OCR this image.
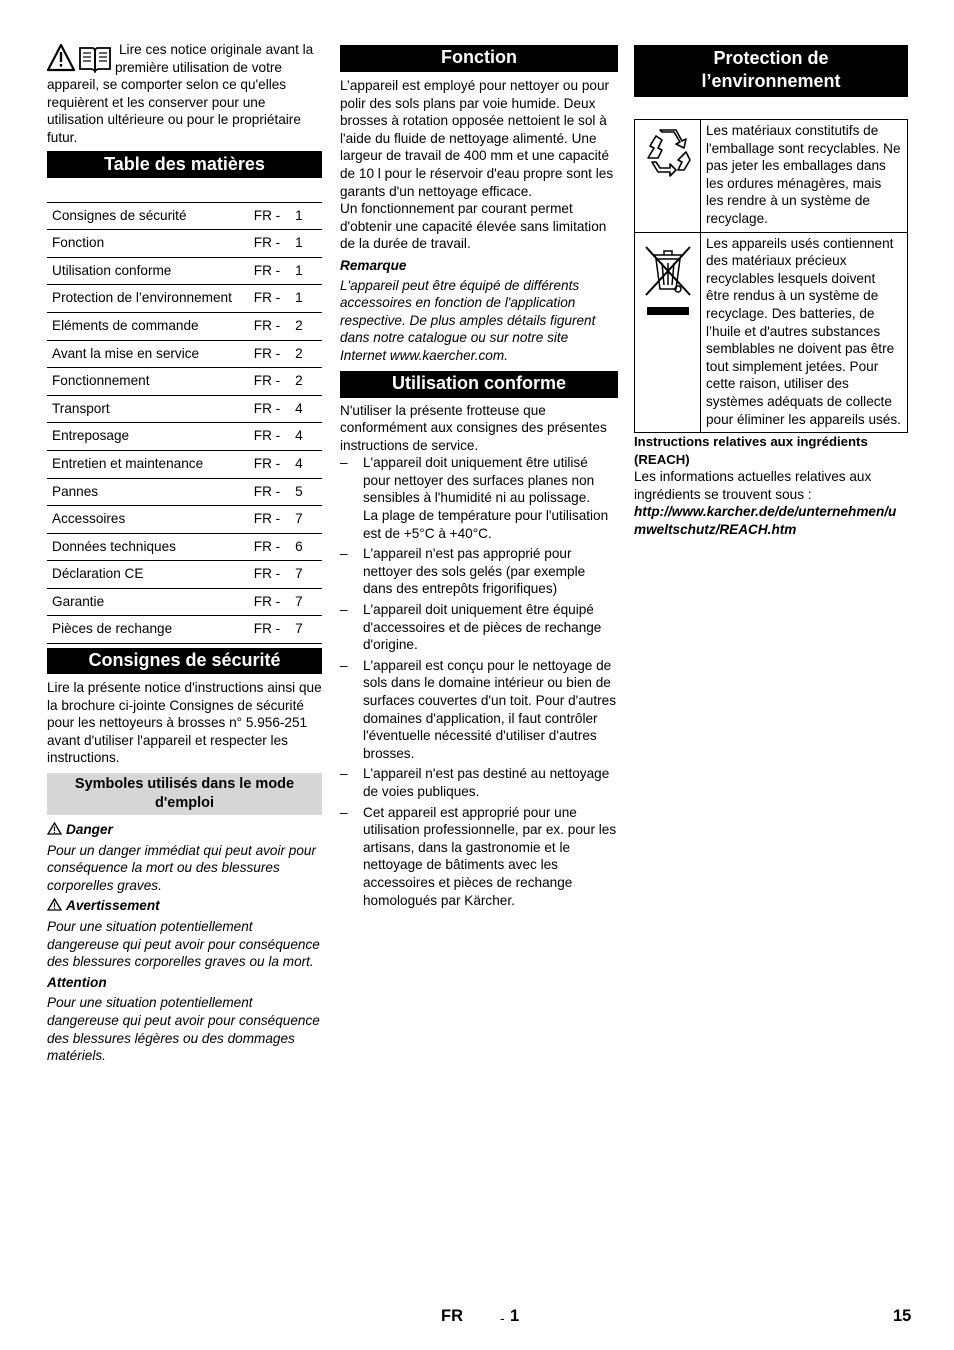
Lire ces notice originale avant la première utilisation de votre appareil, se comporter selon ce qu'elles requièrent et les conserver pour une utilisation ultérieure ou pour le propriétaire futur.

Table des matières
Consignes de sécurité	FR -	1
Fonction	FR -	1
Utilisation conforme	FR -	1
Protection de l’environnement	FR -	1
Eléments de commande	FR -	2
Avant la mise en service	FR -	2
Fonctionnement	FR -	2
Transport	FR -	4
Entreposage	FR -	4
Entretien et maintenance	FR -	4
Pannes	FR -	5
Accessoires	FR -	7
Données techniques	FR -	6
Déclaration CE	FR -	7
Garantie	FR -	7
Pièces de rechange	FR -	7
Consignes de sécurité

Lire la présente notice d'instructions ainsi que la brochure ci-jointe Consignes de sécurité pour les nettoyeurs à brosses n° 5.956-251 avant d'utiliser l'appareil et respecter les instructions.

Symboles utilisés dans le mode d'emploi

Danger

Pour un danger immédiat qui peut avoir pour conséquence la mort ou des blessures corporelles graves.

Avertissement

Pour une situation potentiellement dangereuse qui peut avoir pour conséquence des blessures corporelles graves ou la mort.

Attention

Pour une situation potentiellement dangereuse qui peut avoir pour conséquence des blessures légères ou des dommages matériels.

Fonction

L’appareil est employé pour nettoyer ou pour polir des sols plans par voie humide. Deux brosses à rotation opposée nettoient le sol à l'aide du fluide de nettoyage alimenté. Une largeur de travail de 400 mm et une capacité de 10 l pour le réservoir d'eau propre sont les garants d'un nettoyage efficace.

Un fonctionnement par courant permet d'obtenir une capacité élevée sans limitation de la durée de travail.

Remarque

L'appareil peut être équipé de différents accessoires en fonction de l'application respective. De plus amples détails figurent dans notre catalogue ou sur notre site Internet www.kaercher.com.

Utilisation conforme

N'utiliser la présente frotteuse que conformément aux consignes des présentes instructions de service.

– L'appareil doit uniquement être utilisé pour nettoyer des surfaces planes non sensibles à l'humidité ni au polissage.
La plage de température pour l'utilisation est de +5°C à +40°C.
– L'appareil n'est pas approprié pour nettoyer des sols gelés (par exemple dans des entrepôts frigorifiques)
– L'appareil doit uniquement être équipé d'accessoires et de pièces de rechange d'origine.
– L'appareil est conçu pour le nettoyage de sols dans le domaine intérieur ou bien de surfaces couvertes d'un toit. Pour d'autres domaines d'application, il faut contrôler l'éventuelle nécessité d'utiliser d'autres brosses.
– L'appareil n'est pas destiné au nettoyage de voies publiques.
– Cet appareil est approprié pour une utilisation professionnelle, par ex. pour les artisans, dans la gastronomie et le nettoyage de bâtiments avec les accessoires et pièces de rechange homologués par Kärcher.
Protection de l’environnement
	Les matériaux constitutifs de l'emballage sont recyclables. Ne pas jeter les emballages dans les ordures ménagères, mais les rendre à un système de recyclage.
	Les appareils usés contiennent des matériaux précieux recyclables lesquels doivent être rendus à un système de recyclage. Des batteries, de l’huile et d'autres substances semblables ne doivent pas être tout simplement jetées. Pour cette raison, utiliser des systèmes adéquats de collecte pour éliminer les appareils usés.

Instructions relatives aux ingrédients (REACH)

Les informations actuelles relatives aux ingrédients se trouvent sous :

http://www.karcher.de/de/unternehmen/umweltschutz/REACH.htm

FR	- 1	15
